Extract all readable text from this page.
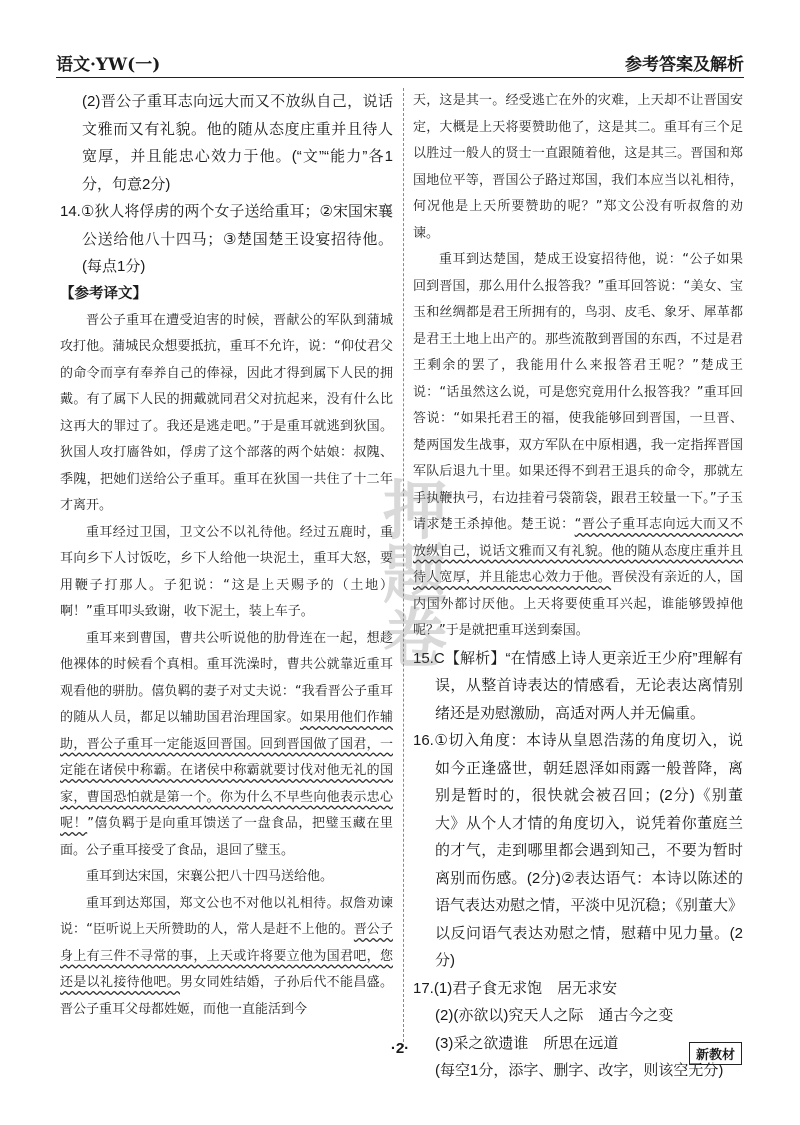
语文·YW(一)	参考答案及解析

(2)晋公子重耳志向远大而又不放纵自己，说话文雅而又有礼貌。他的随从态度庄重并且待人宽厚，并且能忠心效力于他。(“文”“能力”各1分，句意2分)

14.①狄人将俘虏的两个女子送给重耳；②宋国宋襄公送给他八十四马；③楚国楚王设宴招待他。(每点1分)

【参考译文】

晋公子重耳在遭受迫害的时候，晋献公的军队到蒲城攻打他。蒲城民众想要抵抗，重耳不允许，说：“仰仗君父的命令而享有奉养自己的俸禄，因此才得到属下人民的拥戴。有了属下人民的拥戴就同君父对抗起来，没有什么比这再大的罪过了。我还是逃走吧。”于是重耳就逃到狄国。狄国人攻打廧咎如，俘虏了这个部落的两个姑娘：叔隗、季隗，把她们送给公子重耳。重耳在狄国一共住了十二年才离开。

重耳经过卫国，卫文公不以礼待他。经过五鹿时，重耳向乡下人讨饭吃，乡下人给他一块泥土，重耳大怒，要用鞭子打那人。子犯说：“这是上天赐予的（土地）啊！”重耳叩头致谢，收下泥土，装上车子。

重耳来到曹国，曹共公听说他的肋骨连在一起，想趁他裸体的时候看个真相。重耳洗澡时，曹共公就靠近重耳观看他的骈肋。僖负羁的妻子对丈夫说：“我看晋公子重耳的随从人员，都足以辅助国君治理国家。如果用他们作辅助，晋公子重耳一定能返回晋国。回到晋国做了国君，一定能在诸侯中称霸。在诸侯中称霸就要讨伐对他无礼的国家，曹国恐怕就是第一个。你为什么不早些向他表示忠心呢！”僖负羁于是向重耳馈送了一盘食品，把璧玉藏在里面。公子重耳接受了食品，退回了璧玉。

重耳到达宋国，宋襄公把八十四马送给他。

重耳到达郑国，郑文公也不对他以礼相待。叔詹劝谏说：“臣听说上天所赞助的人，常人是赶不上他的。晋公子身上有三件不寻常的事，上天或许将要立他为国君吧，您还是以礼接待他吧。男女同姓结婚，子孙后代不能昌盛。晋公子重耳父母都姓姬，而他一直能活到今

天，这是其一。经受逃亡在外的灾难，上天却不让晋国安定，大概是上天将要赞助他了，这是其二。重耳有三个足以胜过一般人的贤士一直跟随着他，这是其三。晋国和郑国地位平等，晋国公子路过郑国，我们本应当以礼相待，何况他是上天所要赞助的呢？”郑文公没有听叔詹的劝谏。

重耳到达楚国，楚成王设宴招待他，说：“公子如果回到晋国，那么用什么报答我？”重耳回答说：“美女、宝玉和丝绸都是君王所拥有的，鸟羽、皮毛、象牙、犀革都是君王土地上出产的。那些流散到晋国的东西，不过是君王剩余的罢了，我能用什么来报答君王呢？”楚成王说：“话虽然这么说，可是您究竟用什么报答我？”重耳回答说：“如果托君王的福，使我能够回到晋国，一旦晋、楚两国发生战事，双方军队在中原相遇，我一定指挥晋国军队后退九十里。如果还得不到君王退兵的命令，那就左手执鞭执弓，右边挂着弓袋箭袋，跟君王较量一下。”子玉请求楚王杀掉他。楚王说：“晋公子重耳志向远大而又不放纵自己，说话文雅而又有礼貌。他的随从态度庄重并且待人宽厚，并且能忠心效力于他。晋侯没有亲近的人，国内国外都讨厌他。上天将要使重耳兴起，谁能够毁掉他呢？”于是就把重耳送到秦国。

15.C【解析】“在情感上诗人更亲近王少府”理解有误，从整首诗表达的情感看，无论表达离情别绪还是劝慰激励，高适对两人并无偏重。

16.①切入角度：本诗从皇恩浩荡的角度切入，说如今正逢盛世，朝廷恩泽如雨露一般普降，离别是暂时的，很快就会被召回；(2分)《别董大》从个人才情的角度切入，说凭着你董庭兰的才气，走到哪里都会遇到知己，不要为暂时离别而伤感。(2分)②表达语气：本诗以陈述的语气表达劝慰之情，平淡中见沉稳；《别董大》以反问语气表达劝慰之情，慰藉中见力量。(2分)

17.(1)君子食无求饱　居无求安

(2)(亦欲以)究天人之际　通古今之变

(3)采之欲遗谁　所思在远道

(每空1分，添字、删字、改字，则该空无分)

押
题
卷
·2·	新教材
